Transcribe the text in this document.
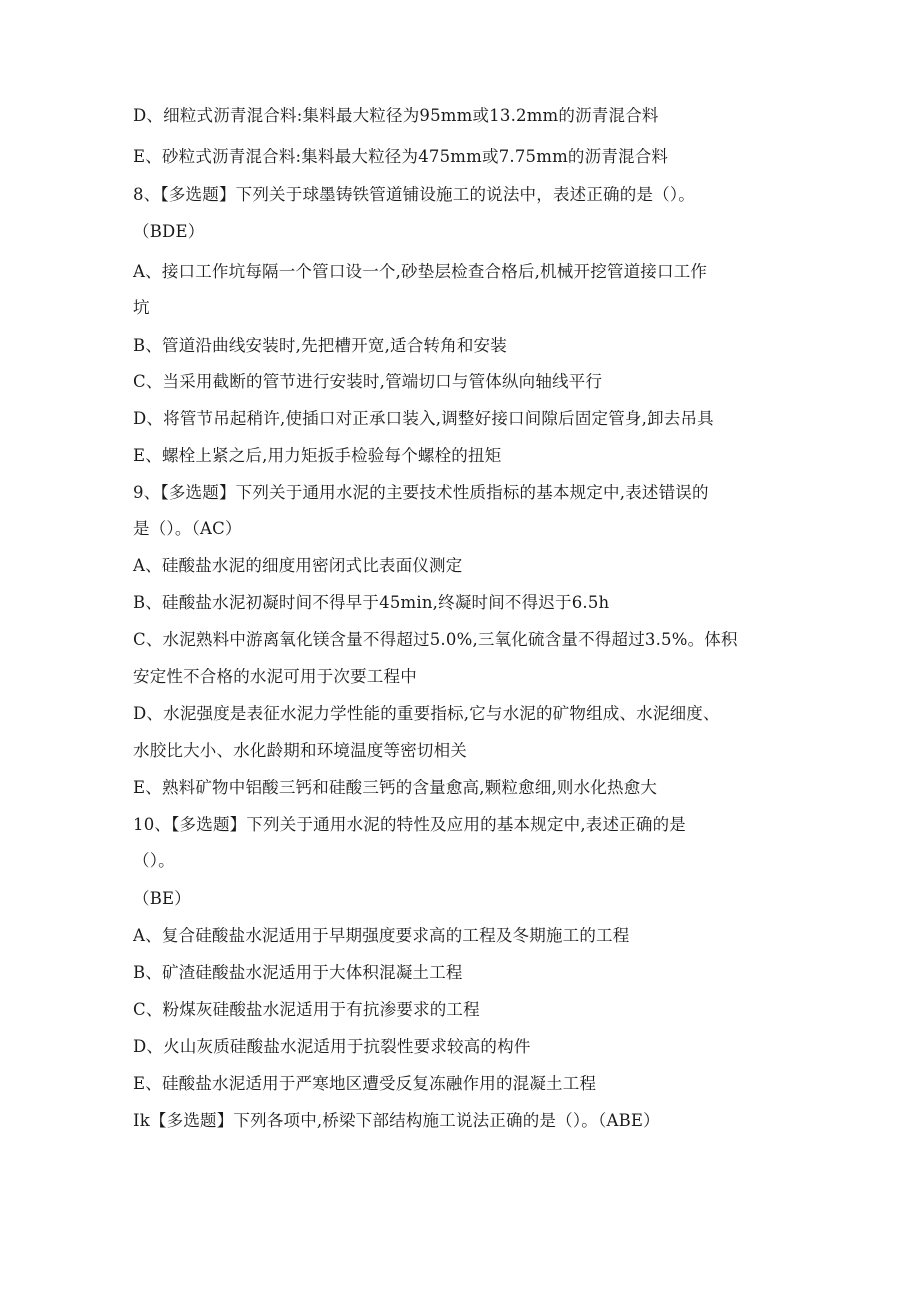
D、细粒式沥青混合料:集料最大粒径为95mm或13.2mm的沥青混合料
E、砂粒式沥青混合料:集料最大粒径为475mm或7.75mm的沥青混合料
8、【多选题】下列关于球墨铸铁管道铺设施工的说法中，表述正确的是（）。
（BDE）
A、接口工作坑每隔一个管口设一个,砂垫层检查合格后,机械开挖管道接口工作
坑
B、管道沿曲线安装时,先把槽开宽,适合转角和安装
C、当采用截断的管节进行安装时,管端切口与管体纵向轴线平行
D、将管节吊起稍许,使插口对正承口装入,调整好接口间隙后固定管身,卸去吊具
E、螺栓上紧之后,用力矩扳手检验每个螺栓的扭矩
9、【多选题】下列关于通用水泥的主要技术性质指标的基本规定中,表述错误的
是（）。（AC）
A、硅酸盐水泥的细度用密闭式比表面仪测定
B、硅酸盐水泥初凝时间不得早于45min,终凝时间不得迟于6.5h
C、水泥熟料中游离氧化镁含量不得超过5.0%,三氧化硫含量不得超过3.5%。体积
安定性不合格的水泥可用于次要工程中
D、水泥强度是表征水泥力学性能的重要指标,它与水泥的矿物组成、水泥细度、
水胶比大小、水化龄期和环境温度等密切相关
E、熟料矿物中铝酸三钙和硅酸三钙的含量愈高,颗粒愈细,则水化热愈大
10、【多选题】下列关于通用水泥的特性及应用的基本规定中,表述正确的是
（）。
（BE）
A、复合硅酸盐水泥适用于早期强度要求高的工程及冬期施工的工程
B、矿渣硅酸盐水泥适用于大体积混凝土工程
C、粉煤灰硅酸盐水泥适用于有抗渗要求的工程
D、火山灰质硅酸盐水泥适用于抗裂性要求较高的构件
E、硅酸盐水泥适用于严寒地区遭受反复冻融作用的混凝土工程
Ik【多选题】下列各项中,桥梁下部结构施工说法正确的是（）。（ABE）
